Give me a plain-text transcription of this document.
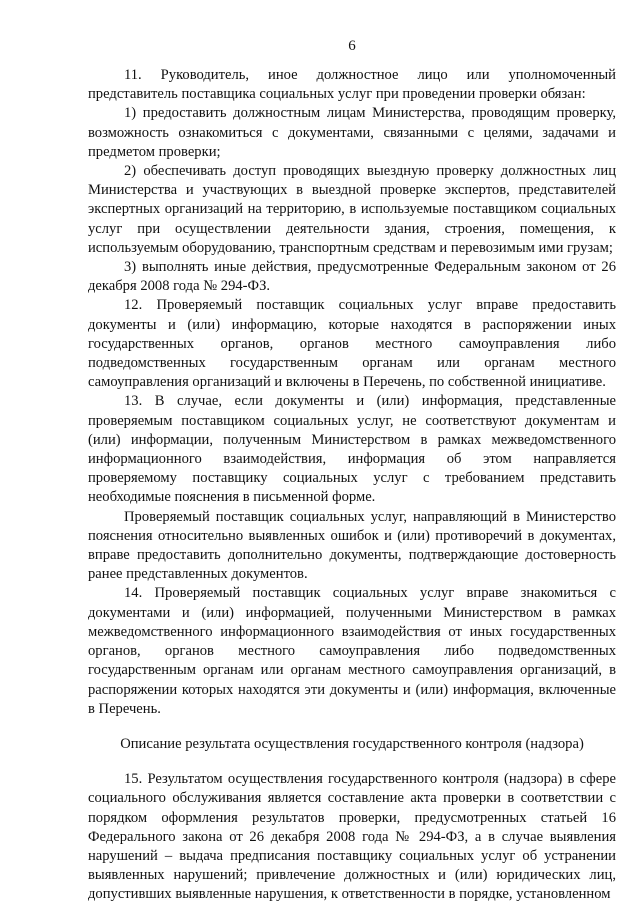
6

11. Руководитель, иное должностное лицо или уполномоченный представитель поставщика социальных услуг при проведении проверки обязан:

1) предоставить должностным лицам Министерства, проводящим проверку, возможность ознакомиться с документами, связанными с целями, задачами и предметом проверки;

2) обеспечивать доступ проводящих выездную проверку должностных лиц Министерства и участвующих в выездной проверке экспертов, представителей экспертных организаций на территорию, в используемые поставщиком социальных услуг при осуществлении деятельности здания, строения, помещения, к используемым оборудованию, транспортным средствам и перевозимым ими грузам;

3) выполнять иные действия, предусмотренные Федеральным законом от 26 декабря 2008 года № 294-ФЗ.

12. Проверяемый поставщик социальных услуг вправе предоставить документы и (или) информацию, которые находятся в распоряжении иных государственных органов, органов местного самоуправления либо подведомственных государственным органам или органам местного самоуправления организаций и включены в Перечень, по собственной инициативе.

13. В случае, если документы и (или) информация, представленные проверяемым поставщиком социальных услуг, не соответствуют документам и (или) информации, полученным Министерством в рамках межведомственного информационного взаимодействия, информация об этом направляется проверяемому поставщику социальных услуг с требованием представить необходимые пояснения в письменной форме.

Проверяемый поставщик социальных услуг, направляющий в Министерство пояснения относительно выявленных ошибок и (или) противоречий в документах, вправе предоставить дополнительно документы, подтверждающие достоверность ранее представленных документов.

14. Проверяемый поставщик социальных услуг вправе знакомиться с документами и (или) информацией, полученными Министерством в рамках межведомственного информационного взаимодействия от иных государственных органов, органов местного самоуправления либо подведомственных государственным органам или органам местного самоуправления организаций, в распоряжении которых находятся эти документы и (или) информация, включенные в Перечень.

Описание результата осуществления государственного контроля (надзора)

15. Результатом осуществления государственного контроля (надзора) в сфере социального обслуживания является составление акта проверки в соответствии с порядком оформления результатов проверки, предусмотренных статьей 16 Федерального закона от 26 декабря 2008 года № 294-ФЗ, а в случае выявления нарушений – выдача предписания поставщику социальных услуг об устранении выявленных нарушений; привлечение должностных и (или) юридических лиц, допустивших выявленные нарушения, к ответственности в порядке, установленном
